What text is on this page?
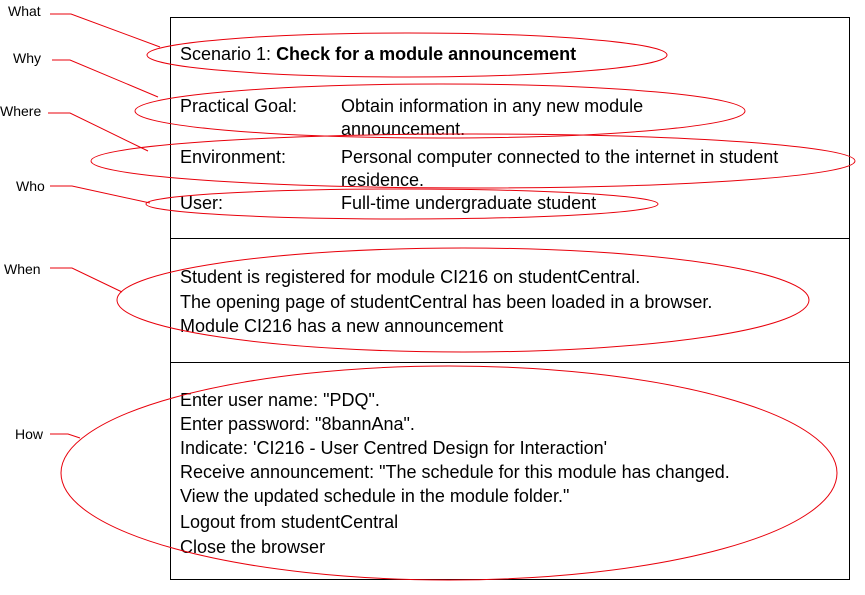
What
Why
Where
Who
When
How
Scenario 1: Check for a module announcement
Practical Goal: Obtain information in any new module announcement.
Environment:	Personal computer connected to the internet in student residence.
User:	Full-time undergraduate student
Student is registered for module CI216 on studentCentral.
The opening page of studentCentral has been loaded in a browser.
Module CI216 has a new announcement
Enter user name: "PDQ".
Enter password: "8bannAna".
Indicate: 'CI216 - User Centred Design for Interaction'
Receive announcement: "The schedule for this module has changed.
View the updated schedule in the module folder."
Logout from studentCentral
Close the browser
